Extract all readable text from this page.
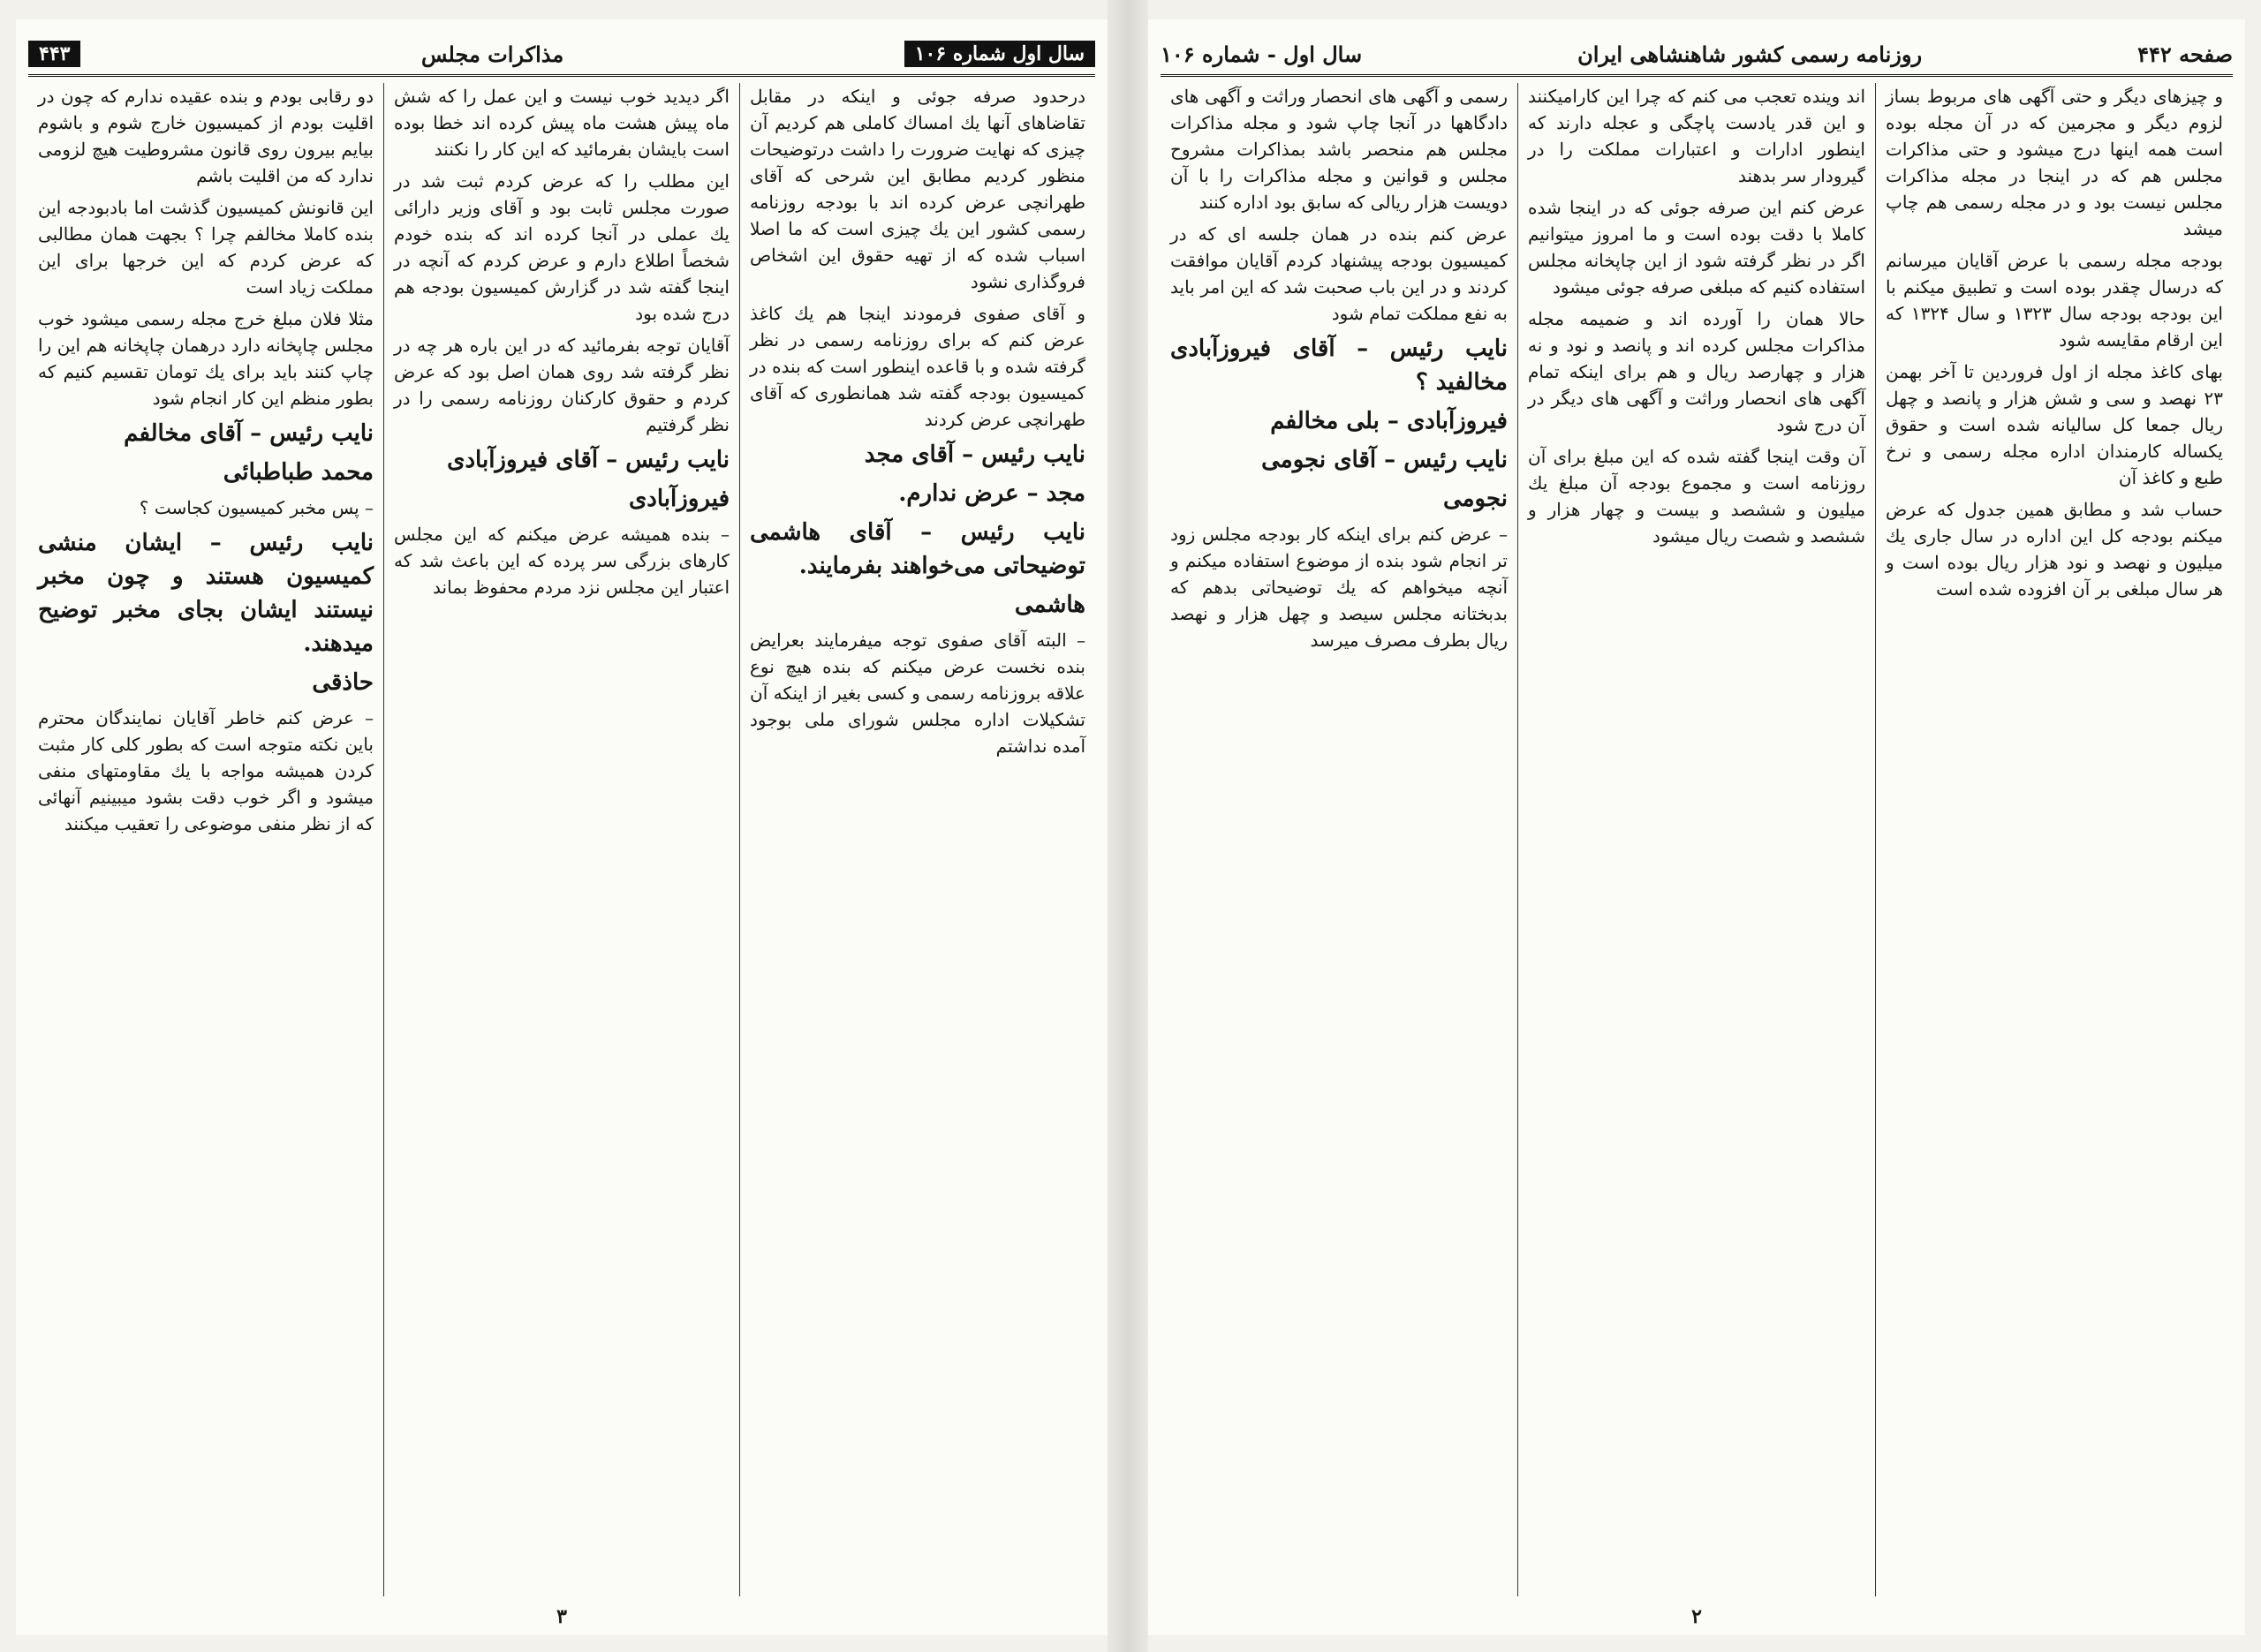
سال اول شماره ۱۰۶
مذاکرات مجلس
۴۴۳

درحدود صرفه جوئی و اینکه در مقابل تقاضاهای آنها یك امساك كاملی هم كردیم آن چیزی که نهایت ضرورت را داشت درتوضیحات منظور کردیم مطابق این شرحی که آقای طهرانچی عرض کرده اند با بودجه روزنامه رسمی کشور این یك چیزی است که ما اصلا اسباب شده که از تهیه حقوق این اشخاص فروگذاری نشود

و آقای صفوی فرمودند اینجا هم یك كاغذ عرض کنم كه برای روزنامه رسمی در نظر گرفته شده و با قاعده اینطور است كه بنده در کمیسیون بودجه گفته شد همانطوری که آقای طهرانچی عرض کردند

نایب رئیس – آقای مجد

مجد – عرض ندارم.

نایب رئیس – آقای هاشمی توضیحاتی می‌خواهند بفرمایند.

هاشمی

– البته آقای صفوی توجه میفرمایند بعرایض بنده نخست عرض میکنم که بنده هیچ نوع علاقه بروزنامه رسمی و کسی بغیر از اینکه آن تشکیلات اداره مجلس شورای ملی بوجود آمده نداشتم

اگر دیدید خوب نیست و این عمل را که شش ماه پیش هشت ماه پیش کرده اند خطا بوده است بایشان بفرمائید که این کار را نکنند

این مطلب را که عرض کردم ثبت شد در صورت مجلس ثابت بود و آقای وزیر دارائی یك عملی در آنجا کرده اند که بنده خودم شخصاً اطلاع دارم و عرض کردم که آنچه در اینجا گفته شد در گزارش کمیسیون بودجه هم درج شده بود

آقایان توجه بفرمائید که در این باره هر چه در نظر گرفته شد روی همان اصل بود که عرض کردم و حقوق کارکنان روزنامه رسمی را در نظر گرفتیم

نایب رئیس – آقای فیروزآبادی

فیروزآبادی

– بنده همیشه عرض میکنم که این مجلس کارهای بزرگی سر پرده که این باعث شد که اعتبار این مجلس نزد مردم محفوظ بماند

دو رقابی بودم و بنده عقیده ندارم که چون در اقلیت بودم از کمیسیون خارج شوم و باشوم بیایم بیرون روی قانون مشروطیت هیچ لزومی ندارد که من اقلیت باشم

این قانونش کمیسیون گذشت اما بادبودجه این بنده کاملا مخالفم چرا ؟ بجهت همان مطالبی که عرض کردم که این خرجها برای این مملکت زیاد است

مثلا فلان مبلغ خرج مجله رسمی میشود خوب مجلس چاپخانه دارد درهمان چاپخانه هم این را چاپ کنند باید برای یك تومان تقسیم کنیم که بطور منظم این کار انجام شود

نایب رئیس – آقای مخالفم

محمد طباطبائی

– پس مخبر کمیسیون کجاست ؟

نایب رئیس – ایشان منشی کمیسیون هستند و چون مخبر نیستند ایشان بجای مخبر توضیح میدهند.

حاذقی

– عرض کنم خاطر آقایان نمایندگان محترم باین نکته متوجه است که بطور کلی کار مثبت کردن همیشه مواجه با یك مقاومتهای منفی میشود و اگر خوب دقت بشود میبینیم آنهائی که از نظر منفی موضوعی را تعقیب میکنند

۳
صفحه ۴۴۲
روزنامه رسمی کشور شاهنشاهی ایران
سال اول - شماره ۱۰۶

و چیزهای دیگر و حتی آگهی های مربوط بساز لزوم دیگر و مجرمین که در آن مجله بوده است همه اینها درج میشود و حتی مذاکرات مجلس هم که در اینجا در مجله مذاکرات مجلس نیست بود و در مجله رسمی هم چاپ میشد

بودجه مجله رسمی با عرض آقایان میرسانم که درسال چقدر بوده است و تطبیق میکنم با این بودجه بودجه سال ۱۳۲۳ و سال ۱۳۲۴ که این ارقام مقایسه شود

بهای کاغذ مجله از اول فروردین تا آخر بهمن ۲۳ نهصد و سی و شش هزار و پانصد و چهل ریال جمعا کل سالیانه شده است و حقوق یکساله کارمندان اداره مجله رسمی و نرخ طبع و کاغذ آن

حساب شد و مطابق همین جدول که عرض میکنم بودجه کل این اداره در سال جاری یك میلیون و نهصد و نود هزار ریال بوده است و هر سال مبلغی بر آن افزوده شده است

اند وینده تعجب می کنم که چرا این کارامیکنند و این قدر یادست پاچگی و عجله دارند که اینطور ادارات و اعتبارات مملکت را در گیرودار سر بدهند

عرض کنم این صرفه جوئی که در اینجا شده کاملا با دقت بوده است و ما امروز میتوانیم اگر در نظر گرفته شود از این چاپخانه مجلس استفاده کنیم که مبلغی صرفه جوئی میشود

حالا همان را آورده اند و ضمیمه مجله مذاکرات مجلس کرده اند و پانصد و نود و نه هزار و چهارصد ریال و هم برای اینکه تمام آگهی های انحصار وراثت و آگهی های دیگر در آن درج شود

آن وقت اینجا گفته شده که این مبلغ برای آن روزنامه است و مجموع بودجه آن مبلغ یك میلیون و ششصد و بیست و چهار هزار و ششصد و شصت ریال میشود

رسمی و آگهی های انحصار وراثت و آگهی های دادگاهها در آنجا چاپ شود و مجله مذاکرات مجلس هم منحصر باشد بمذاکرات مشروح مجلس و قوانین و مجله مذاکرات را با آن دویست هزار ریالی که سابق بود اداره کنند

عرض کنم بنده در همان جلسه ای که در کمیسیون بودجه پیشنهاد کردم آقایان موافقت کردند و در این باب صحبت شد که این امر باید به نفع مملکت تمام شود

نایب رئیس – آقای فیروزآبادی مخالفید ؟

فیروزآبادی – بلی مخالفم

نایب رئیس – آقای نجومی

نجومی

– عرض کنم برای اینکه کار بودجه مجلس زود تر انجام شود بنده از موضوع استفاده میکنم و آنچه میخواهم که یك توضیحاتی بدهم که بدبختانه مجلس سیصد و چهل هزار و نهصد ریال بطرف مصرف میرسد

۲
